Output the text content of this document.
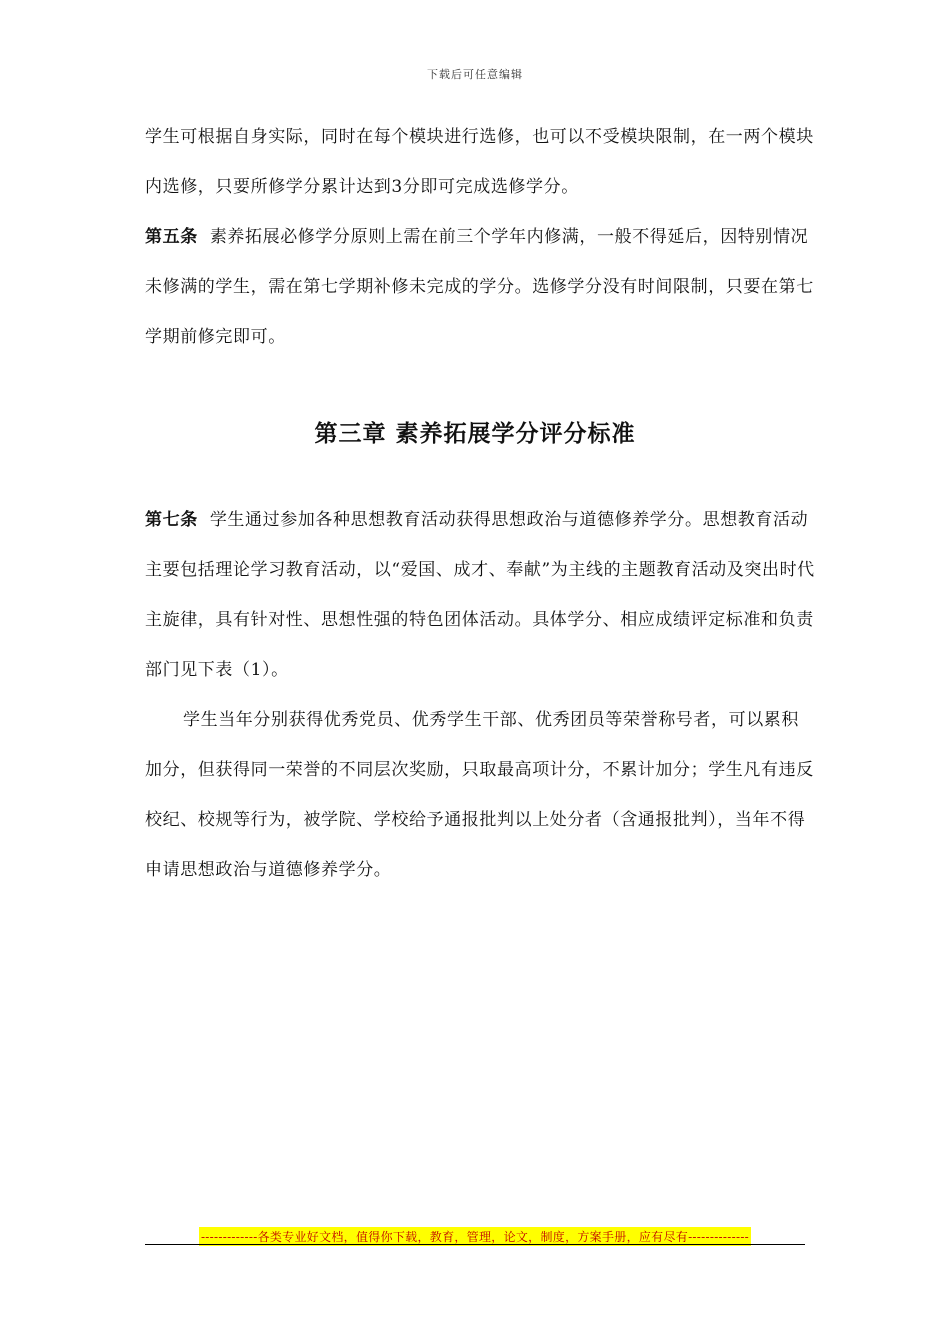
下载后可任意编辑

学生可根据自身实际，同时在每个模块进行选修，也可以不受模块限制，在一两个模块内选修，只要所修学分累计达到3分即可完成选修学分。

第五条 素养拓展必修学分原则上需在前三个学年内修满，一般不得延后，因特别情况未修满的学生，需在第七学期补修未完成的学分。选修学分没有时间限制，只要在第七学期前修完即可。

第三章 素养拓展学分评分标准

第七条 学生通过参加各种思想教育活动获得思想政治与道德修养学分。思想教育活动主要包括理论学习教育活动，以“爱国、成才、奉献”为主线的主题教育活动及突出时代主旋律，具有针对性、思想性强的特色团体活动。具体学分、相应成绩评定标准和负责部门见下表（1）。

学生当年分别获得优秀党员、优秀学生干部、优秀团员等荣誉称号者，可以累积加分，但获得同一荣誉的不同层次奖励，只取最高项计分，不累计加分；学生凡有违反校纪、校规等行为，被学院、学校给予通报批判以上处分者（含通报批判），当年不得申请思想政治与道德修养学分。

-------------各类专业好文档，值得你下载，教育，管理，论文，制度，方案手册，应有尽有--------------
